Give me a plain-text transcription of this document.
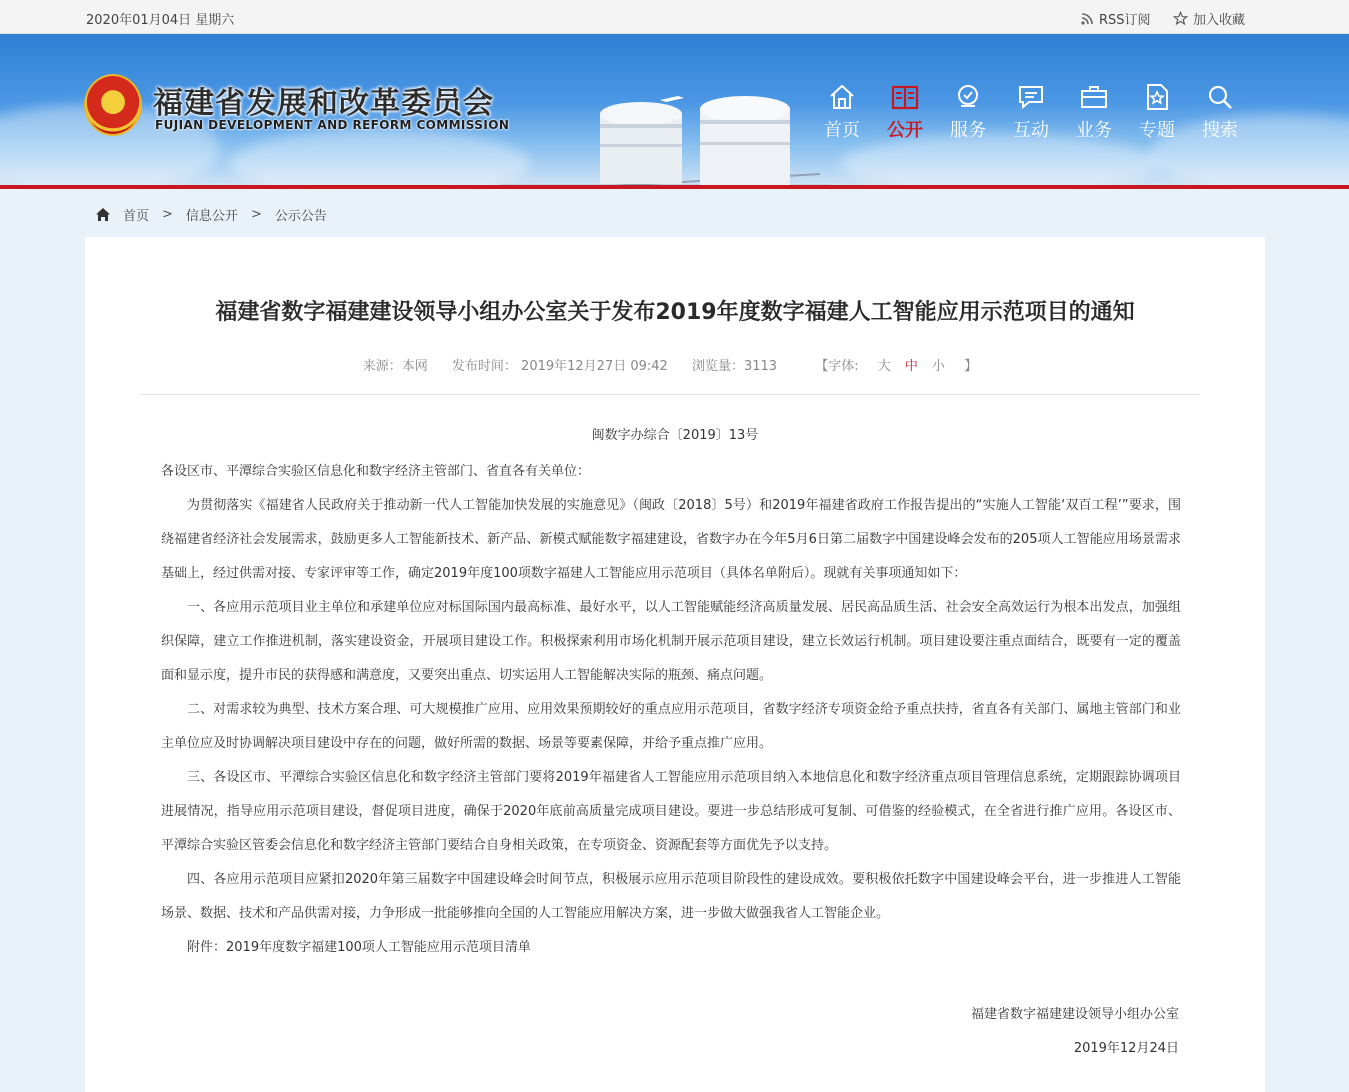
2020年01月04日 星期六	RSS订阅	加入收藏
福建省发展和改革委员会
FUJIAN DEVELOPMENT AND REFORM COMMISSION	首页	公开	服务	互动	业务	专题	搜索
首页 > 信息公开 > 公示公告
福建省数字福建建设领导小组办公室关于发布2019年度数字福建人工智能应用示范项目的通知
来源：本网 发布时间： 2019年12月27日 09:42 浏览量：3113	【字体: 大 中 小 】
闽数字办综合〔2019〕13号

各设区市、平潭综合实验区信息化和数字经济主管部门、省直各有关单位：

为贯彻落实《福建省人民政府关于推动新一代人工智能加快发展的实施意见》（闽政〔2018〕5号）和2019年福建省政府工作报告提出的“实施人工智能‘双百工程’”要求，围绕福建省经济社会发展需求，鼓励更多人工智能新技术、新产品、新模式赋能数字福建建设，省数字办在今年5月6日第二届数字中国建设峰会发布的205项人工智能应用场景需求基础上，经过供需对接、专家评审等工作，确定2019年度100项数字福建人工智能应用示范项目（具体名单附后）。现就有关事项通知如下：

一、各应用示范项目业主单位和承建单位应对标国际国内最高标准、最好水平，以人工智能赋能经济高质量发展、居民高品质生活、社会安全高效运行为根本出发点，加强组织保障，建立工作推进机制，落实建设资金，开展项目建设工作。积极探索利用市场化机制开展示范项目建设，建立长效运行机制。项目建设要注重点面结合，既要有一定的覆盖面和显示度，提升市民的获得感和满意度，又要突出重点、切实运用人工智能解决实际的瓶颈、痛点问题。

二、对需求较为典型、技术方案合理、可大规模推广应用、应用效果预期较好的重点应用示范项目，省数字经济专项资金给予重点扶持，省直各有关部门、属地主管部门和业主单位应及时协调解决项目建设中存在的问题，做好所需的数据、场景等要素保障，并给予重点推广应用。

三、各设区市、平潭综合实验区信息化和数字经济主管部门要将2019年福建省人工智能应用示范项目纳入本地信息化和数字经济重点项目管理信息系统，定期跟踪协调项目进展情况，指导应用示范项目建设，督促项目进度，确保于2020年底前高质量完成项目建设。要进一步总结形成可复制、可借鉴的经验模式，在全省进行推广应用。各设区市、平潭综合实验区管委会信息化和数字经济主管部门要结合自身相关政策，在专项资金、资源配套等方面优先予以支持。

四、各应用示范项目应紧扣2020年第三届数字中国建设峰会时间节点，积极展示应用示范项目阶段性的建设成效。要积极依托数字中国建设峰会平台，进一步推进人工智能场景、数据、技术和产品供需对接，力争形成一批能够推向全国的人工智能应用解决方案，进一步做大做强我省人工智能企业。

附件：2019年度数字福建100项人工智能应用示范项目清单

福建省数字福建建设领导小组办公室
2019年12月24日
